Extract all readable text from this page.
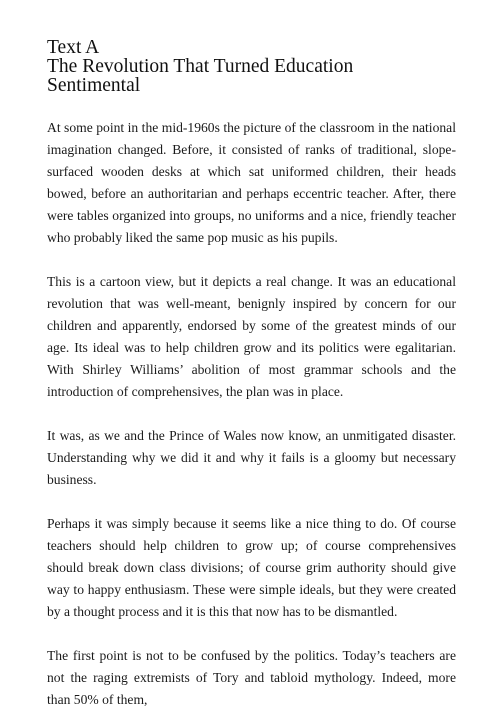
Text A
The Revolution That Turned Education
Sentimental

At some point in the mid-1960s the picture of the classroom in the national imagination changed. Before, it consisted of ranks of traditional, slope-surfaced wooden desks at which sat uniformed children, their heads bowed, before an authoritarian and perhaps eccentric teacher. After, there were tables organized into groups, no uniforms and a nice, friendly teacher who probably liked the same pop music as his pupils.

This is a cartoon view, but it depicts a real change. It was an educational revolution that was well-meant, benignly inspired by concern for our children and apparently, endorsed by some of the greatest minds of our age. Its ideal was to help children grow and its politics were egalitarian. With Shirley Williams’ abolition of most grammar schools and the introduction of comprehensives, the plan was in place.

It was, as we and the Prince of Wales now know, an unmitigated disaster. Understanding why we did it and why it fails is a gloomy but necessary business.

Perhaps it was simply because it seems like a nice thing to do. Of course teachers should help children to grow up; of course comprehensives should break down class divisions; of course grim authority should give way to happy enthusiasm. These were simple ideals, but they were created by a thought process and it is this that now has to be dismantled.

The first point is not to be confused by the politics. Today’s teachers are not the raging extremists of Tory and tabloid mythology. Indeed, more than 50% of them,
